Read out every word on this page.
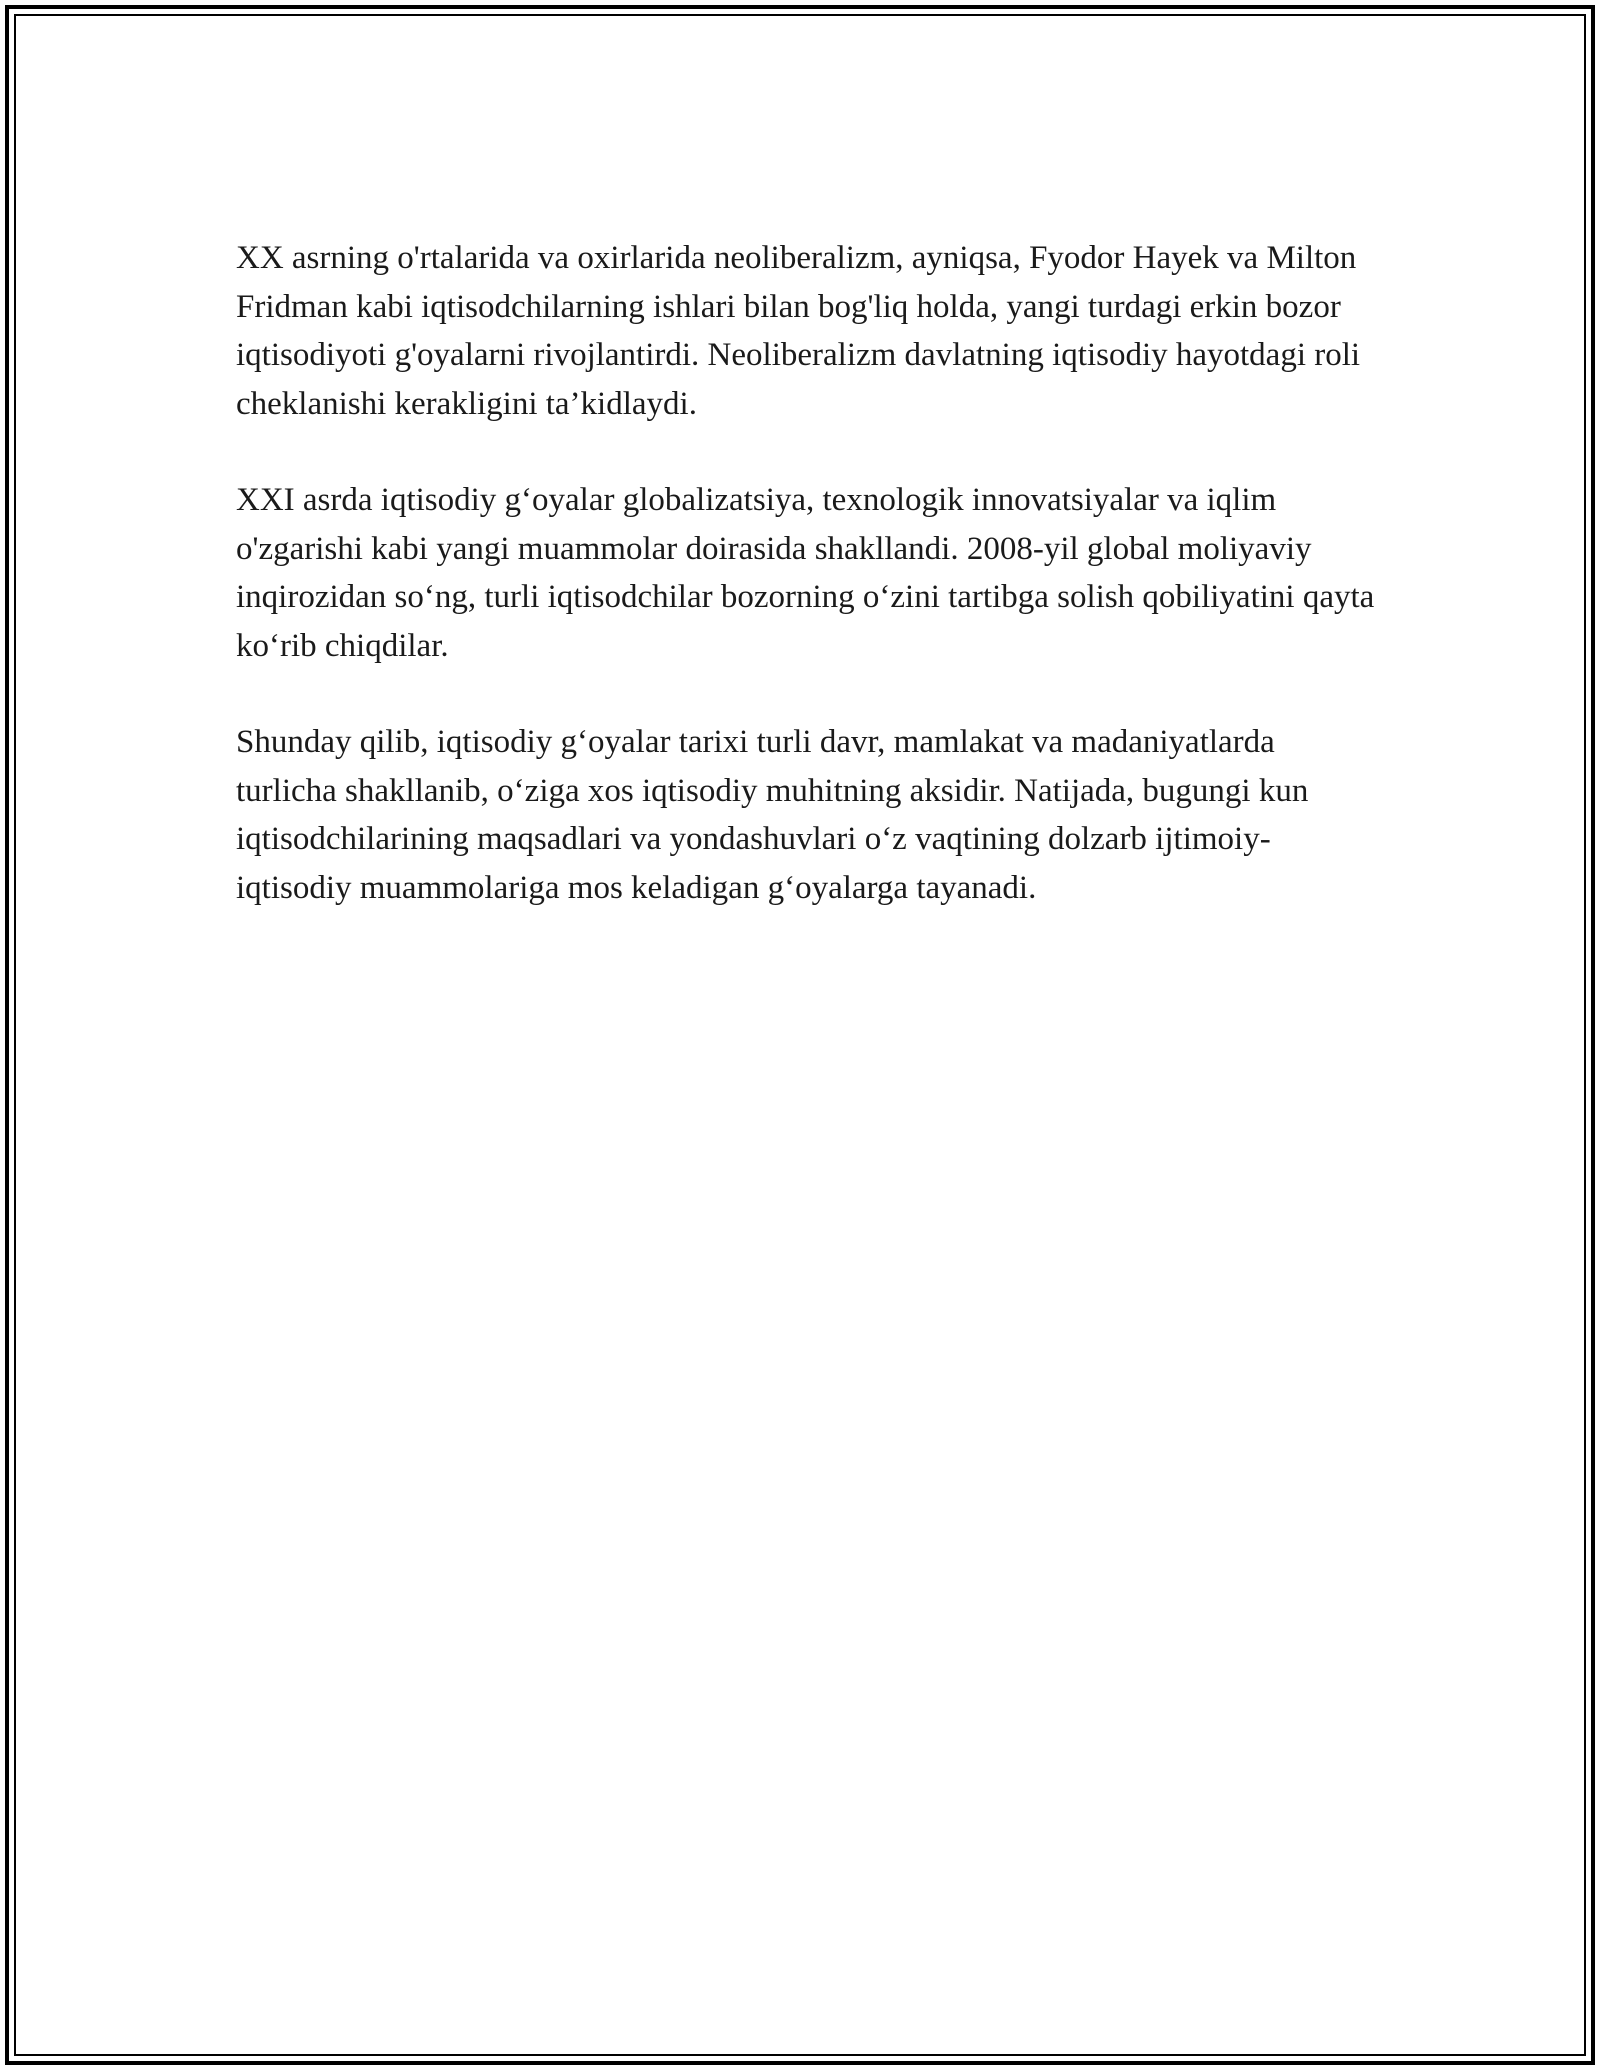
XX asrning o'rtalarida va oxirlarida neoliberalizm, ayniqsa, Fyodor Hayek va Milton Fridman kabi iqtisodchilarning ishlari bilan bog'liq holda, yangi turdagi erkin bozor iqtisodiyoti g'oyalarni rivojlantirdi. Neoliberalizm davlatning iqtisodiy hayotdagi roli cheklanishi kerakligini ta’kidlaydi.

XXI asrda iqtisodiy g‘oyalar globalizatsiya, texnologik innovatsiyalar va iqlim o'zgarishi kabi yangi muammolar doirasida shakllandi. 2008-yil global moliyaviy inqirozidan so‘ng, turli iqtisodchilar bozorning o‘zini tartibga solish qobiliyatini qayta ko‘rib chiqdilar.

Shunday qilib, iqtisodiy g‘oyalar tarixi turli davr, mamlakat va madaniyatlarda turlicha shakllanib, o‘ziga xos iqtisodiy muhitning aksidir. Natijada, bugungi kun iqtisodchilarining maqsadlari va yondashuvlari o‘z vaqtining dolzarb ijtimoiy-iqtisodiy muammolariga mos keladigan g‘oyalarga tayanadi.
